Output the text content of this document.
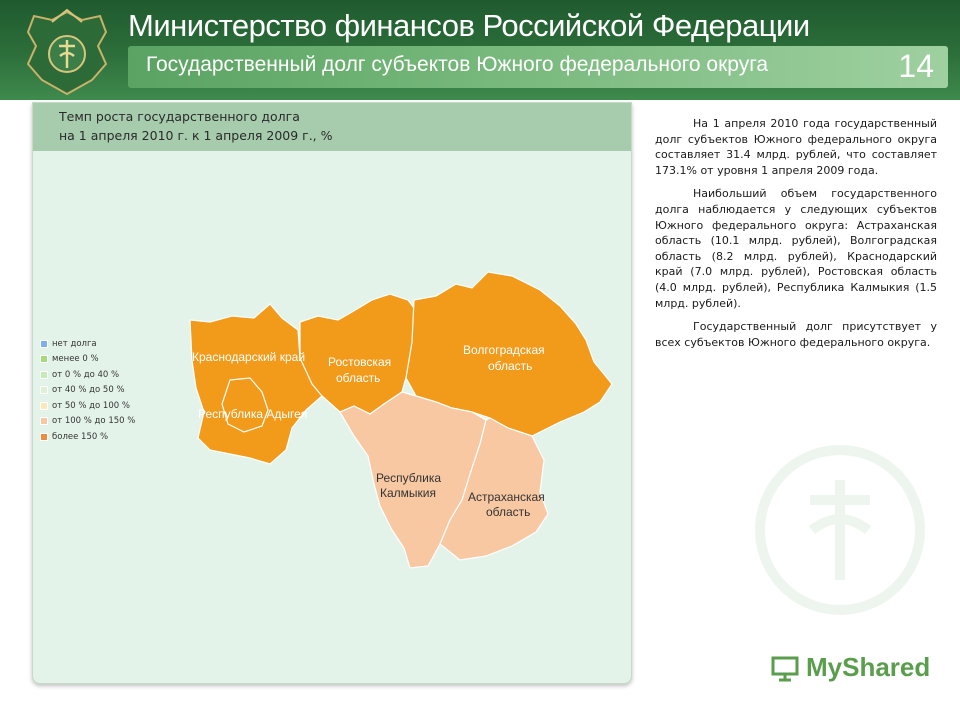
Министерство финансов Российской Федерации
Государственный долг субъектов Южного федерального округа	14
Темп роста государственного долга
на 1 апреля 2010 г. к 1 апреля 2009 г., %
нет долга
менее 0 %
от 0 % до 40 %
от 40 % до 50 %
от 50 % до 100 %
от 100 % до 150 %
более 150 %
Краснодарский край
Республика Адыгея
Ростовская
область
Волгоградская
область
Республика
Калмыкия	Астраханская
область

На 1 апреля 2010 года государственный долг субъектов Южного федерального округа составляет 31.4 млрд. рублей, что составляет 173.1% от уровня 1 апреля 2009 года.

Наибольший объем государственного долга наблюдается у следующих субъектов Южного федерального округа: Астраханская область (10.1 млрд. рублей), Волгоградская область (8.2 млрд. рублей), Краснодарский край (7.0 млрд. рублей), Ростовская область (4.0 млрд. рублей), Республика Калмыкия (1.5 млрд. рублей).

Государственный долг присутствует у всех субъектов Южного федерального округа.

MyShared
